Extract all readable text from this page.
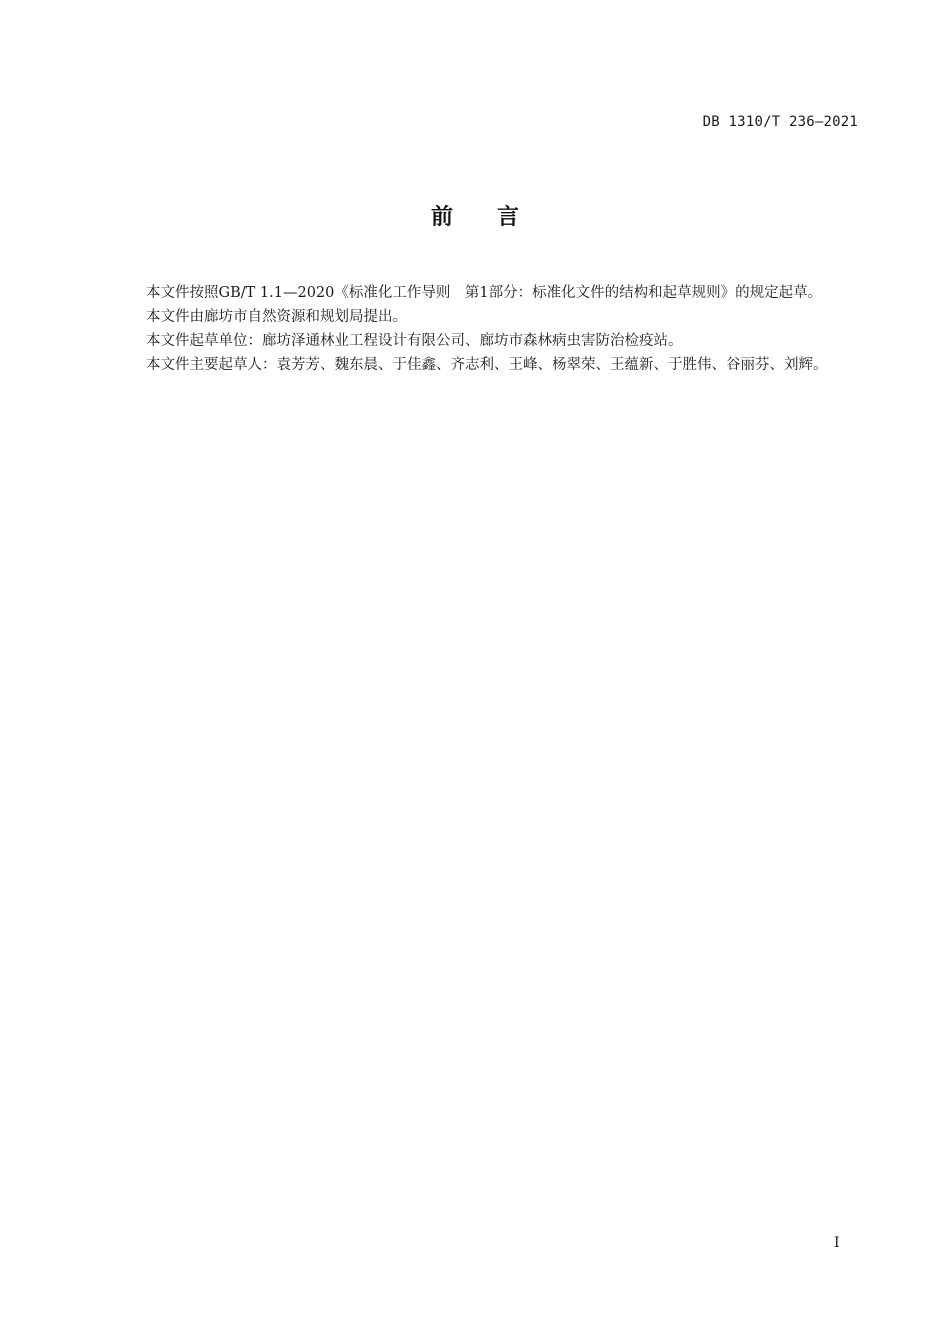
DB 1310/T 236—2021
前 言

本文件按照GB/T 1.1—2020《标准化工作导则　第1部分：标准化文件的结构和起草规则》的规定起草。

本文件由廊坊市自然资源和规划局提出。

本文件起草单位：廊坊泽通林业工程设计有限公司、廊坊市森林病虫害防治检疫站。

本文件主要起草人：袁芳芳、魏东晨、于佳鑫、齐志利、王峰、杨翠荣、王蕴新、于胜伟、谷丽芬、刘辉。

I
